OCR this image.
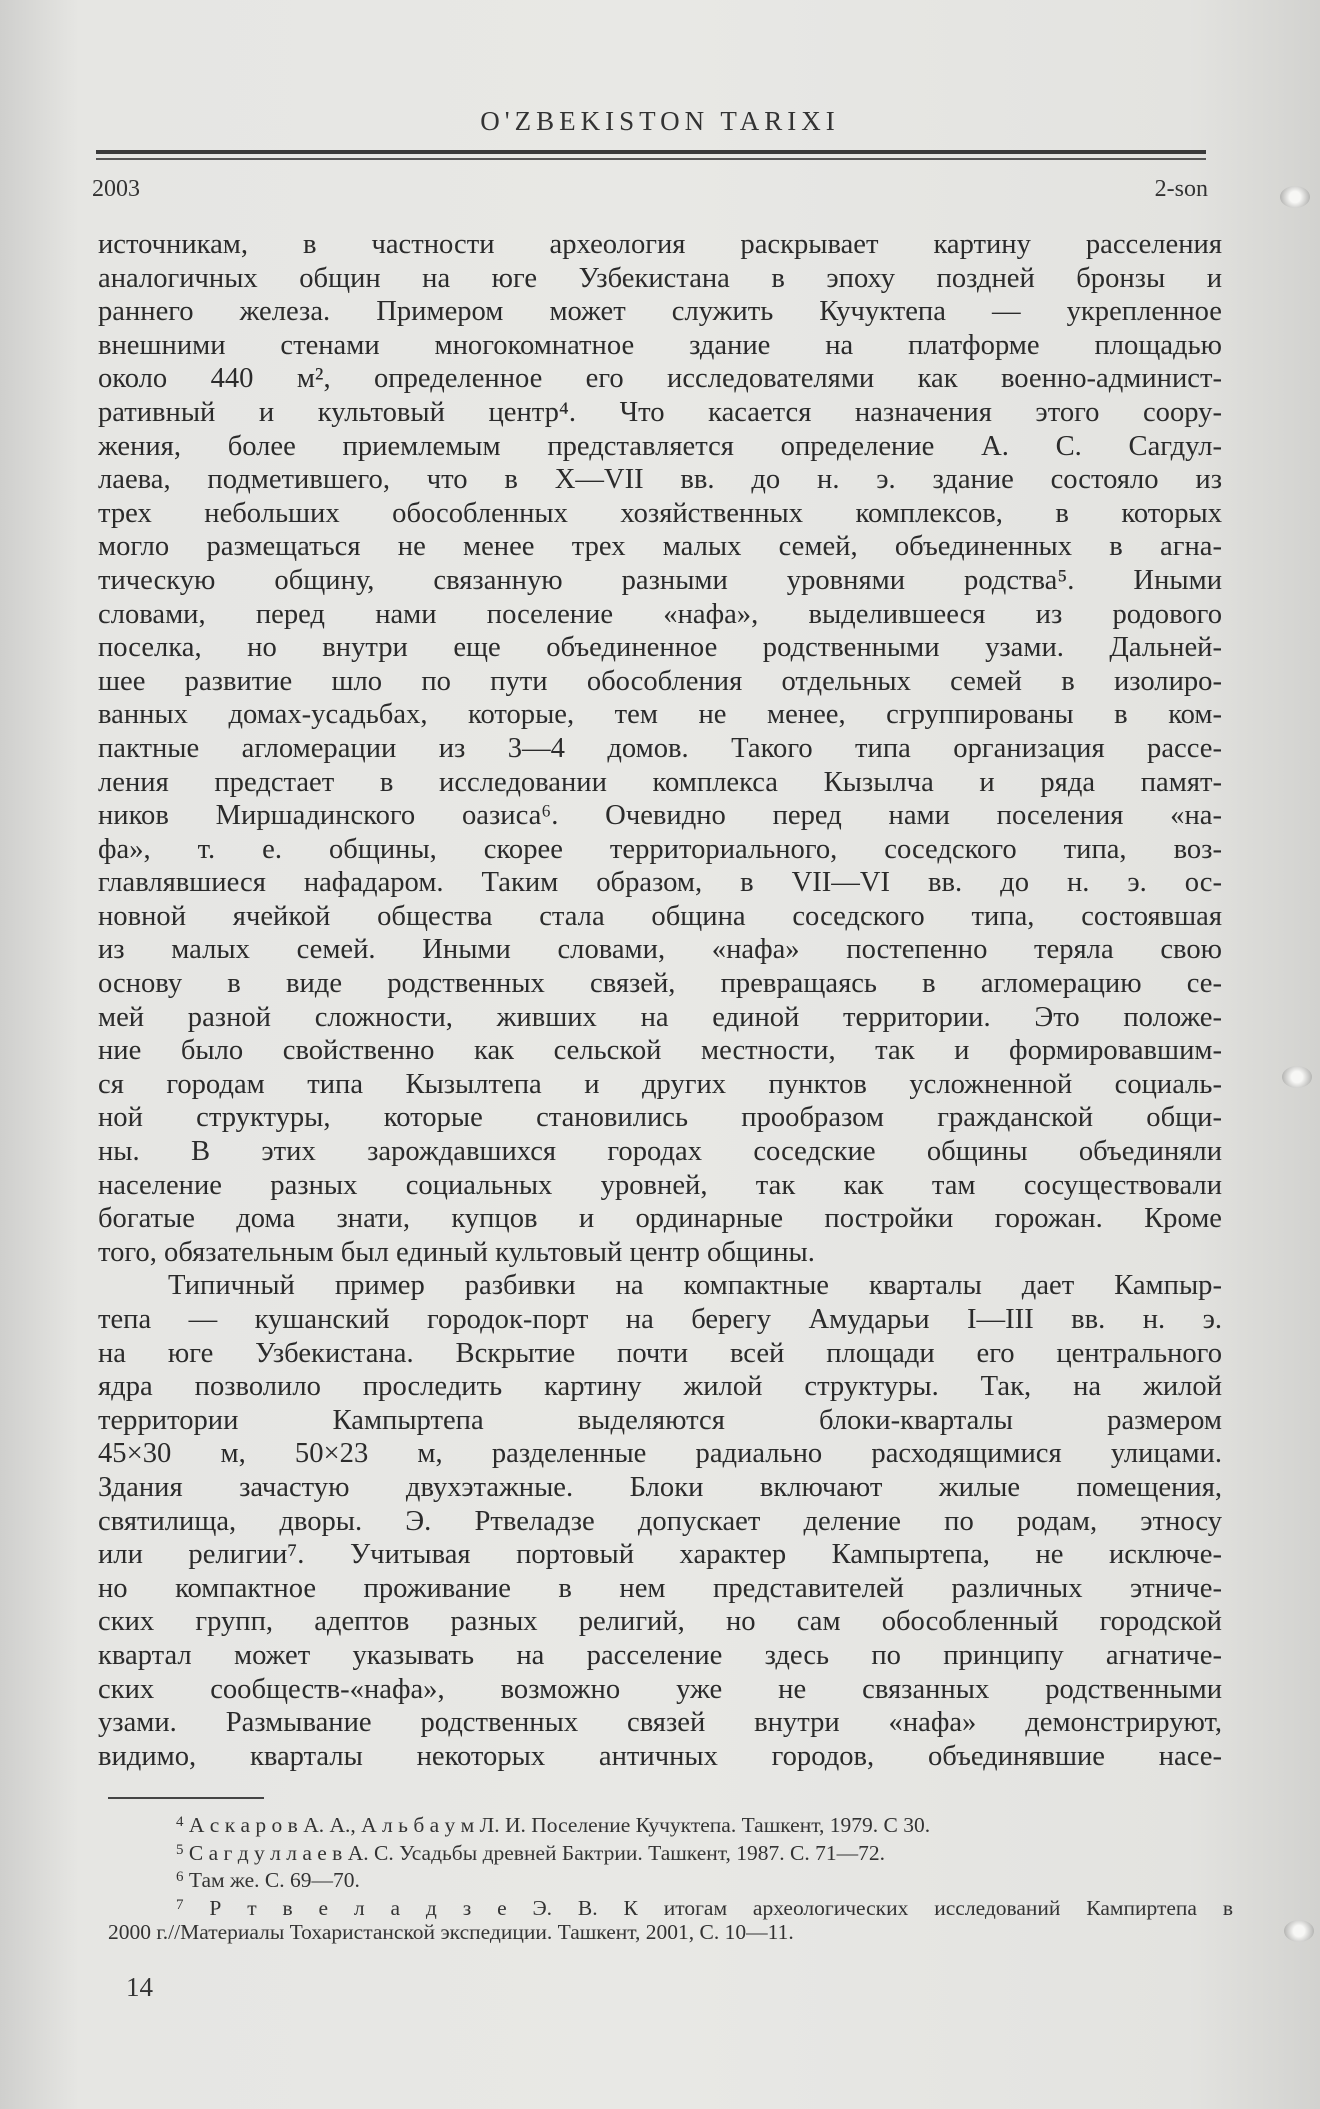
O'ZBEKISTON TARIXI
2003	2-son
источникам, в частности археология раскрывает картину расселения
аналогичных общин на юге Узбекистана в эпоху поздней бронзы и
раннего железа. Примером может служить Кучуктепа — укрепленное
внешними стенами многокомнатное здание на платформе площадью
около 440 м², определенное его исследователями как военно-админист-
ративный и культовый центр⁴. Что касается назначения этого соору-
жения, более приемлемым представляется определение А. С. Сагдул-
лаева, подметившего, что в X—VII вв. до н. э. здание состояло из
трех небольших обособленных хозяйственных комплексов, в которых
могло размещаться не менее трех малых семей, объединенных в агна-
тическую общину, связанную разными уровнями родства⁵. Иными
словами, перед нами поселение «нафа», выделившееся из родового
поселка, но внутри еще объединенное родственными узами. Дальней-
шее развитие шло по пути обособления отдельных семей в изолиро-
ванных домах-усадьбах, которые, тем не менее, сгруппированы в ком-
пактные агломерации из 3—4 домов. Такого типа организация рассе-
ления предстает в исследовании комплекса Кызылча и ряда памят-
ников Миршадинского оазиса⁶. Очевидно перед нами поселения «на-
фа», т. е. общины, скорее территориального, соседского типа, воз-
главлявшиеся нафадаром. Таким образом, в VII—VI вв. до н. э. ос-
новной ячейкой общества стала община соседского типа, состоявшая
из малых семей. Иными словами, «нафа» постепенно теряла свою
основу в виде родственных связей, превращаясь в агломерацию се-
мей разной сложности, живших на единой территории. Это положе-
ние было свойственно как сельской местности, так и формировавшим-
ся городам типа Кызылтепа и других пунктов усложненной социаль-
ной структуры, которые становились прообразом гражданской общи-
ны. В этих зарождавшихся городах соседские общины объединяли
население разных социальных уровней, так как там сосуществовали
богатые дома знати, купцов и ординарные постройки горожан. Кроме
того, обязательным был единый культовый центр общины.
Типичный пример разбивки на компактные кварталы дает Кампыр-
тепа — кушанский городок-порт на берегу Амударьи I—III вв. н. э.
на юге Узбекистана. Вскрытие почти всей площади его центрального
ядра позволило проследить картину жилой структуры. Так, на жилой
территории Кампыртепа выделяются блоки-кварталы размером
45×30 м, 50×23 м, разделенные радиально расходящимися улицами.
Здания зачастую двухэтажные. Блоки включают жилые помещения,
святилища, дворы. Э. Ртвеладзе допускает деление по родам, этносу
или религии⁷. Учитывая портовый характер Кампыртепа, не исключе-
но компактное проживание в нем представителей различных этниче-
ских групп, адептов разных религий, но сам обособленный городской
квартал может указывать на расселение здесь по принципу агнатиче-
ских сообществ-«нафа», возможно уже не связанных родственными
узами. Размывание родственных связей внутри «нафа» демонстрируют,
видимо, кварталы некоторых античных городов, объединявшие насе-
$^4$ А с к а р о в А. А., А л ь б а у м Л. И. Поселение Кучуктепа. Ташкент, 1979. С 30.
$^5$ С а г д у л л а е в А. С. Усадьбы древней Бактрии. Ташкент, 1987. С. 71—72.
$^6$ Там же. С. 69—70.
$^7$ Р т в е л а д з е Э. В. К итогам археологических исследований Кампиртепа в
2000 г.//Материалы Тохаристанской экспедиции. Ташкент, 2001, С. 10—11.
14
